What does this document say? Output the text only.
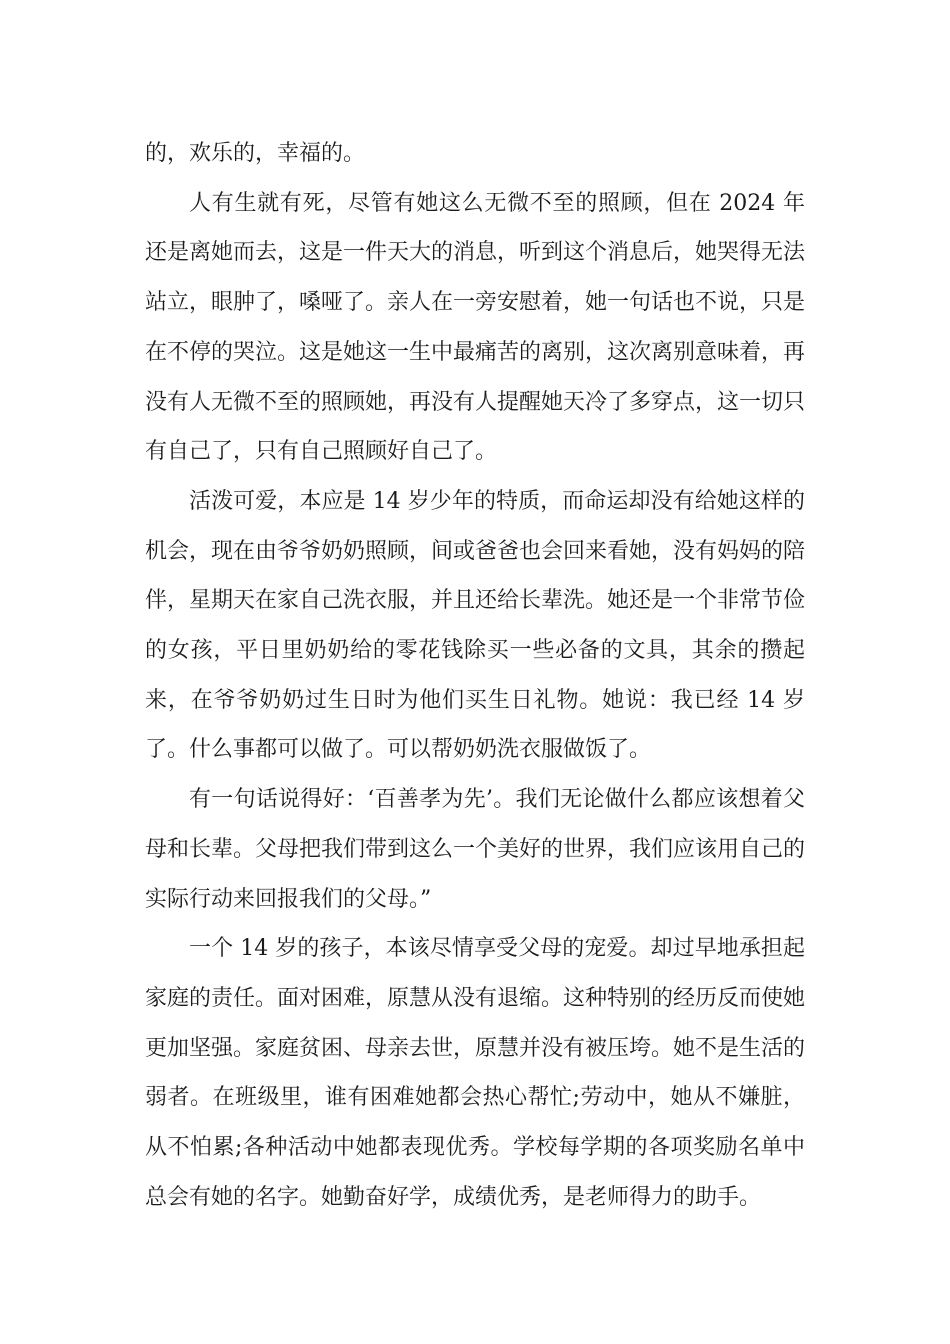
的，欢乐的，幸福的。

人有生就有死，尽管有她这么无微不至的照顾，但在 2024 年还是离她而去，这是一件天大的消息，听到这个消息后，她哭得无法站立，眼肿了，嗓哑了。亲人在一旁安慰着，她一句话也不说，只是在不停的哭泣。这是她这一生中最痛苦的离别，这次离别意味着，再没有人无微不至的照顾她，再没有人提醒她天冷了多穿点，这一切只有自己了，只有自己照顾好自己了。

活泼可爱，本应是 14 岁少年的特质，而命运却没有给她这样的机会，现在由爷爷奶奶照顾，间或爸爸也会回来看她，没有妈妈的陪伴，星期天在家自己洗衣服，并且还给长辈洗。她还是一个非常节俭的女孩，平日里奶奶给的零花钱除买一些必备的文具，其余的攒起来，在爷爷奶奶过生日时为他们买生日礼物。她说：我已经 14 岁了。什么事都可以做了。可以帮奶奶洗衣服做饭了。

有一句话说得好：‘百善孝为先’。我们无论做什么都应该想着父母和长辈。父母把我们带到这么一个美好的世界，我们应该用自己的实际行动来回报我们的父母。”

一个 14 岁的孩子，本该尽情享受父母的宠爱。却过早地承担起家庭的责任。面对困难，原慧从没有退缩。这种特别的经历反而使她更加坚强。家庭贫困、母亲去世，原慧并没有被压垮。她不是生活的弱者。在班级里，谁有困难她都会热心帮忙;劳动中，她从不嫌脏，从不怕累;各种活动中她都表现优秀。学校每学期的各项奖励名单中总会有她的名字。她勤奋好学，成绩优秀，是老师得力的助手。
